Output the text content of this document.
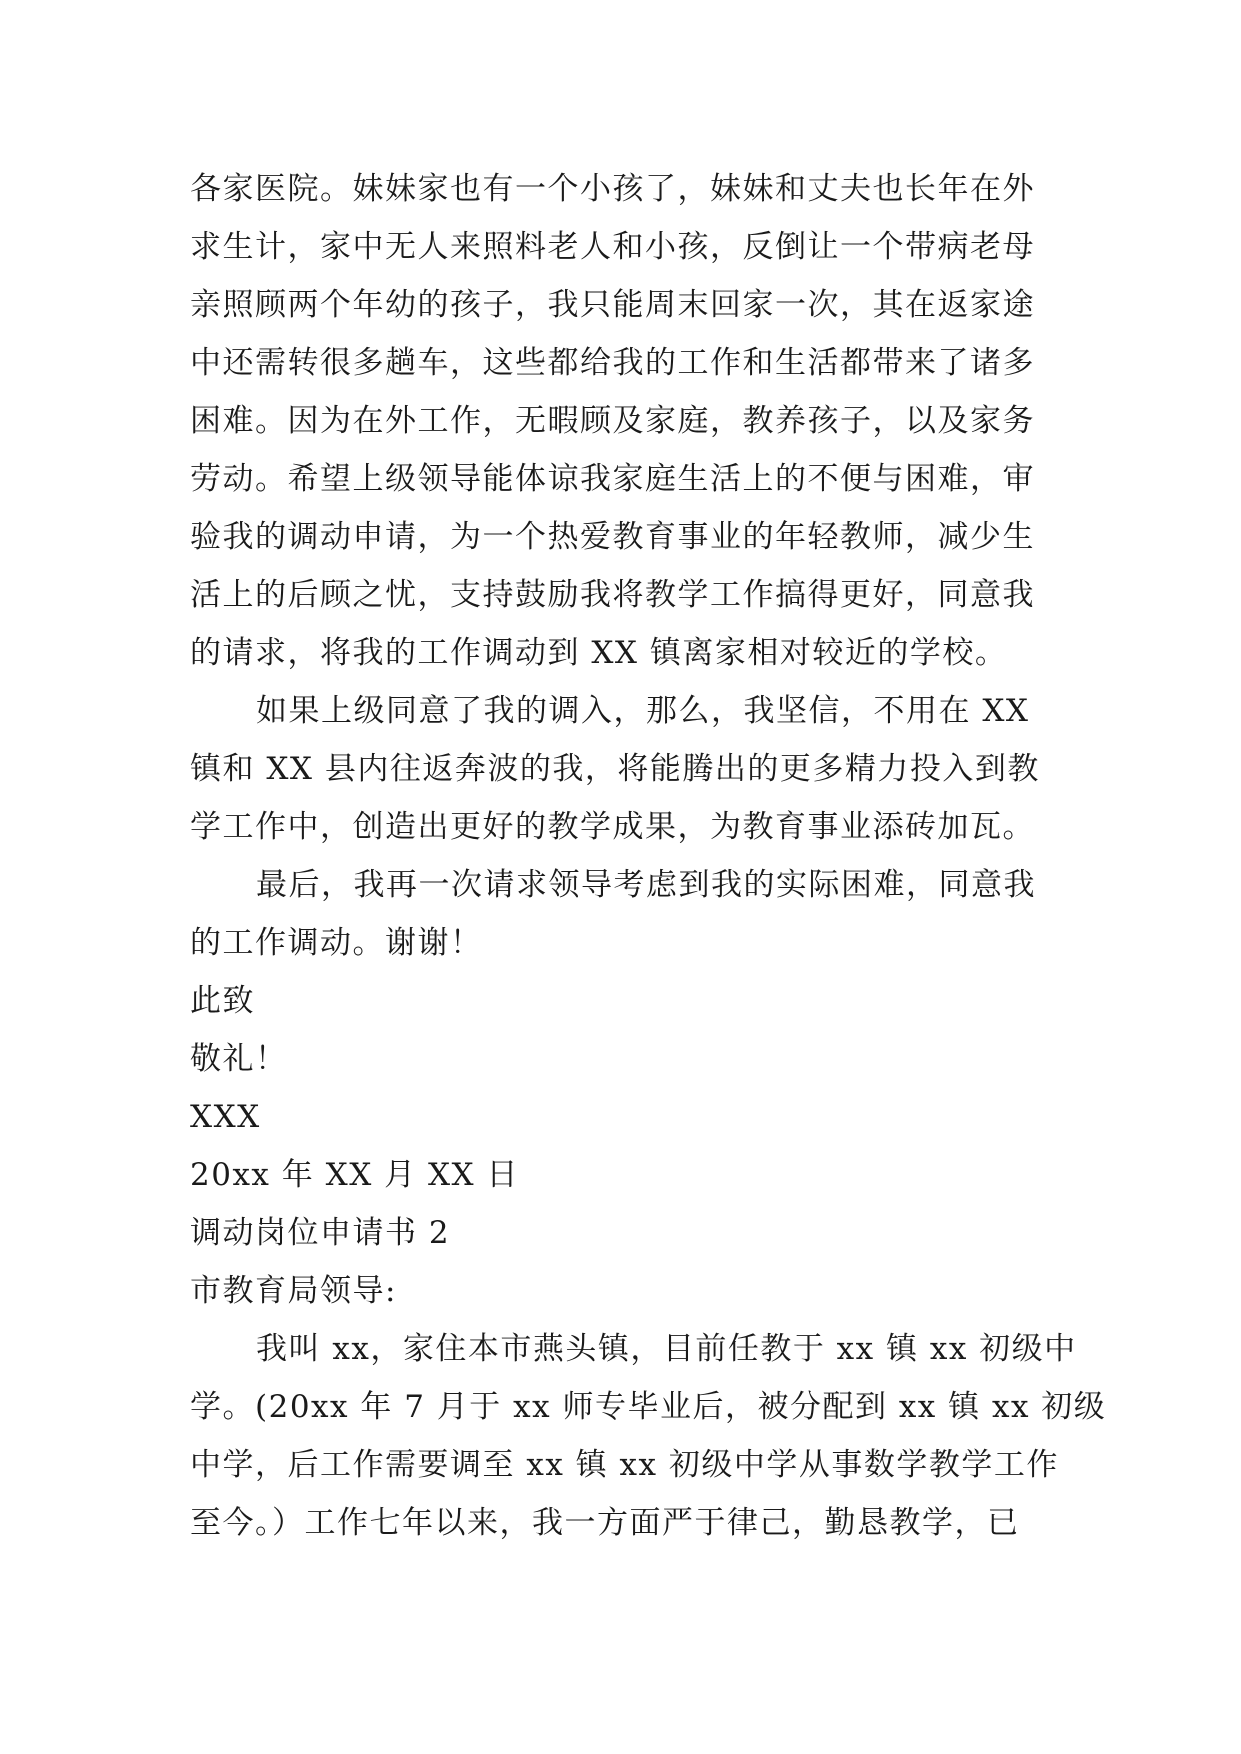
各家医院。妹妹家也有一个小孩了，妹妹和丈夫也长年在外
求生计，家中无人来照料老人和小孩，反倒让一个带病老母
亲照顾两个年幼的孩子，我只能周末回家一次，其在返家途
中还需转很多趟车，这些都给我的工作和生活都带来了诸多
困难。因为在外工作，无暇顾及家庭，教养孩子，以及家务
劳动。希望上级领导能体谅我家庭生活上的不便与困难，审
验我的调动申请，为一个热爱教育事业的年轻教师，减少生
活上的后顾之忧，支持鼓励我将教学工作搞得更好，同意我
的请求，将我的工作调动到 XX 镇离家相对较近的学校。
如果上级同意了我的调入，那么，我坚信，不用在 XX
镇和 XX 县内往返奔波的我，将能腾出的更多精力投入到教
学工作中，创造出更好的教学成果，为教育事业添砖加瓦。
最后，我再一次请求领导考虑到我的实际困难，同意我
的工作调动。谢谢！
此致
敬礼！
XXX
20xx 年 XX 月 XX 日
调动岗位申请书 2
市教育局领导:
我叫 xx，家住本市燕头镇，目前任教于 xx 镇 xx 初级中
学。(20xx 年 7 月于 xx 师专毕业后，被分配到 xx 镇 xx 初级
中学，后工作需要调至 xx 镇 xx 初级中学从事数学教学工作
至今。）工作七年以来，我一方面严于律己，勤恳教学，已
